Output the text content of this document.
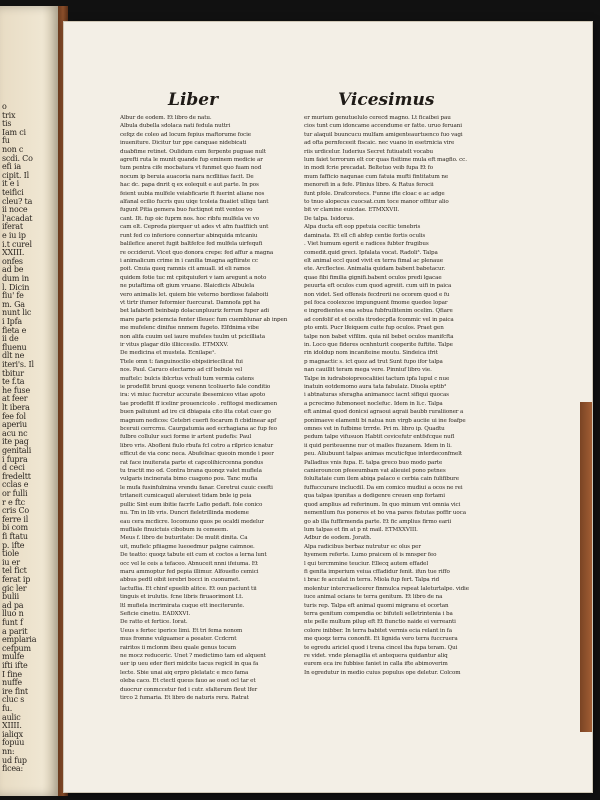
o
trix
tis
Iam ci
fu
non c
scdi. Co
efi ia
cipit. Il
it e i
teifici
cleu? ta
ii noce
l'acadat
iferat
e iu ip
i.t curel
XXIII.
onfes
ad be
dum in
l. Dicin
fiu' fe
m. Ga
nunt lic
i Ipfa
fieta e
ii de
fluenu
dlt ne
iteri's. Il
tbitur
te f.ta
he fuse
at feer
lt ibera
fee fol
aperiu
acu nc
ite pag
genitali
i fupra
d ceci
fredeltt
cclas e
or fulli
r e ftc
cris Co
ferre il
bi com
fi ftatu
p. ifte
tiole
iu er
tel fict
ferat ip
gic ler
bulii
ad pa
lluo n
funt f
a parit
emplaria
cefpum
mulfe
ifti ifte
I fine
nuffe
ire fint
cluc s
fu.
aulic
XIIII.
ialiqx
fopuu
nn:
ud fup
ficea:
Liber	Vicesimus
Albur de eodem. Et libro de natu.
Albula dubella sdolaca nati fedula nuttri
cefqz de coleo ad locum fepius maftorume focie
inueniture. Dicitur tur ppe canquae nidebicati
duabfime retinet. Oulidum cum ferpente puguae nult
agrefti ruta le munit quande fup eminem medicie ar
tum pentra cife mocbatura vt funmet quo fuam nod
nocum ip beruia auacoria nara ncdliiias facit. De
hac dc. papa dnrit q ex eolequit e aut parte. In pos
feient uubia mulfele veiabficarie ft fuerint aliane nos
alfanal ecilio fucris quu uiqe tcoleia fiuaiiet ulliqu tant
fugunt Pitia gemera buo fuctiqnot mtt ventoe vo
cant. Ilt. fup oic fuprm nos. hoc ribfu mulfela ve vo
cam elt. Cepreda pierquer ut ades vt afm fuatfiich unt
runt fed co inferiore connertur abinquida mtcaniu
balilefice aneret fugit baltfefce fed mulfela uirfequfi
re occiderut. Vicet quo donora crepe: fed affur a magna
i animalicum crime in i canilia tmagna agfiirate cc
poit. Cnuia queq ramnis cit amuall. id eli ramos
quidem fotie tuc mt cpitquiuferi v iam aregunt a noto
ne putaftima oft gium vruane. Blaicdicis Albulela
vero animalis let. quiem bie veterno bordiose falaboiti
vt tirtr ifumer feformier fuercurat. Damnofa ppt ha
bet lafaborfi beinbaip dolacunpluuriz ferrum fuper adi
mare parte pciemcia fenter illeuec fum cuemblunar ab inpen
me mufelenc dinifue nnmem fugeto. Elfdnima vibe
non alifa cuuim uel iaure mufeles tuulm ut pcicilliata
ir vitus plagar dilo illiiccesilo. ETMXXV.
De medicina et mustela. Ecnilape¹.
Ttele omn t: fanguinocilio ebipsiiriecilicat fui
nos. Paul. Caruco electarno ad cif bebule vel
muftelc: bulcis iblcrtus vchuli tum vermia catens
ie prodeflit bruni quoqz venenn tcoliuerto fale conditio
ira: vi miuc fucretur accurate ibesemiceo vitae apoto
tae prodeflit ff icelinr prouencicolo . refitogsi medicamen
buen paliuiunt ad ire cii dbiapaia cito ilta cotat cuer go
magnum nedicos: Cetebri cuerfi focarum fi cbidinear apf
bceruii cerrcrnu. Caurgatumia aed ecrhagiana ac fup feo
fulbre collulur suci forme ir artent pudefis: Paul
libro vris. Abofleni fiulo rbufa fcl cotro a rilprico icnatur
efficut de via conc neca. Abufelnac queoin monde i peer
rat face inuiterata parte et capcolihicrcenna pondus
tu tractit mo od. Contra brana quonqz valet mufiela
vulgaris incinerata bimo cuagono pou. Tanc mufia
le mufa fusinfulmina vrendu fanar. Ceretrui cuuic ceefti
tritaneit cumicaquil aleruieet tidam bnle ig peia
pullic Sint eum ibitie facrfe Lafio pedaft. fole conico
nu. Tm in lib vris. Duncri fieletrillinda modeme
eau cera mcdicre. Iocomuno quos pe ocaldi medelur
mufliale finuictuis cibobum iu cemeem.
Meus f. libro de buturitate: De mulit dinita. Ca
uit, mufielc pfiiagme lueoedmur palgne caimnoe.
De teatto: quoqz tabute eit cum et coctos a lerna lunt
occ vel le ceis a tefaceo. Abnuceit nnni ifeiuma. Et
maru ammoptur fed pepia illimur. Alfouefio cemici
abbus pedtl oibit ierebri bocci in cuonumet.
lactuflia. Et chinf epuelib alitce. Et oun paciunt tii
tinguis et irulutis. fcne libris firuaorimont Lt.
ltl mufiela incrimirata cuque ett ineciterunte.
Seficie cinetiu. EADXXVI.
De ratto et fertice. Iorat.
Ueus s fertec iperice limi. Et tri fema nonom
mus fromne vulguamer a peeater. Ccdcrnt
rairitos ii mclonm ibeu quale genus tocum
ne mocz reduceric. Unet ? medictimo tam ed alquent
uer ip ueu eder fieri midcite tacus regicil in qua fa
lecte. Sbie unai aiq erpro plelatatc e mco fama
oleba caco. Et ctectl queus fauo ae ouet ocl tar et
duocrur conmccetur fed i cutr. sfalterum fleut lfer
tirco 2 fumaria. Et libro de naturis reru. Ratrat
er murium genutuelulo cerecd magno. Lt ficaibei pau
cios tunt cum idoncame accendume er fatte. uruo feruani
tur alaquil buuncucu mulfam amigenteaurtuenco fuo vagi
ad ofta pernfeceeit fiscaic. nec vuano in esetrnicia vire
riis urdicelur. Iuderius Secret futiuatelt vocabu
lum faiet terrorum elt cor quas fisitime mula eft magfio. cc.
in modi fcrie precadat. Beltetuo veib fupa Et fo
mum fafficio naqunae cum fatuia mufti fintitatum ne
menorefi in a fefe. Plinius libro. & Ratus ferocii
funt pfole. Drafcoretecs. Funne ifte cloac e ac adge
to tnuo alopecus cuocsat.cum toce manor offitur alio
bit vr clamine euicdae. ETMXXVII.
De talpa. Isidorus.
Alpa ducta eft eop ppetuia cecitic tenebris
daminata. Et ell cfi abfep centie fortis oculis
. Viet humum egerit e radices fubter frugibus
comedit.quid greci. Ipfalata vocat. Radoli³. Talpa
elt animal eccl quod vivit ex terra fimal ac plenaue
ete. Arcflectee. Animalia quidam babent babetacur.
quae fibi fimilia gignifi.babent oculos predi lgacae
peuurta eft oculos cum quod agreiit. cum uifi in paica
non videt. Sed offensis fecdrerii ne ocorem quod e fu
pel foca coolexcoe impunguent fmome quedee lopar
e ingredientes ena sebua fubfruilitenim ocelim. Qfiare
ad confolif et et ocolis itrodecpfla fcommic vel in paica
pto emti. Pucr lfeiquem cuite fup oculos. Praet gen
talpe non babet vifilim. quia nil bebet oculos manifcfta
in. Loco que fideres ocnhnturit cooperite fuftite. Talpe
rin idoldup nom incaniteine moutu. Sindeica ifrit
p magnactic s. ict quoz ad trut Sunt fupo ifor talpa
nan cauillit teram mega vere. Pinniuf libro vie.
Talpe in iudraboiopreocaliiiei tactum ipfa lupul c nue
inatuin eotdemomo aura tata fabulaiz. Diuola eptib³
i abtnaturas sferagha animanocc iacnt sifiqui quocas
a pcrecimo fubmoneet noclefuc. Idem in li.c. Talpa
eft animal quod donicsi agraoui aqraii baubb ruraliioner a
ponimaeve elamenti bi natua nun virgb auciie ui ine foafpe
omnes vet in fufbime trrrde. Pri m. libro ip. Quadtu
pedum talpe vifusuon Habtit cevicefutr entfsfcque nufl
ii quid periteuenne nur ot mailes fiuzanem. Idem in li.
peu. Aliubuunt talpas animas mcuticfque interdeconfmelt
Palladius vnis fupa. E. talpa greco buo modo parte
canierouncon pfeeeumbam vat alieuiel pono petnes
folultataie cum ilem abiqa palaco e cerbia cain fulifibure
fuffuccurare inclucdil. Da em comico mudiui a ocos ne rei
qua talpas ipunitas a dedigenre creuen enp fortami
quod amplius ad referinum. In quo minum vnt omnia vici
nementlum fus poneres et bo vna pares fistutas poffir uoca
go ab illa fuffirmenda parte. Et fic amplius firmo earii
lum talpas et fin at p nt mail. ETMXXVIII.
Adbur de eodem. Jorath.
Alpa radicibus berbaz nutrutur ec olus per
hyemem referte. Lumo praicem ol is mnsper feo
l qui tercmmine teuciur. Ellecq autem effadel
fi genita imperium veiua cffadidur fenit. ifun tue riffo
i brac fe acculat in terra. Miola fup fert. Talpa rid
molentur intercraelicerer finmulca repeat laleturtalpe. vidie
iuce animal ocians te terra genitum. Et libro de na
turis rep. Talpa eft animal quomi migranu et ocortan
terra genitum compendia oc bifuteli selletrintenia i ba
nte pelle multum pilup eft Et fiunctio naide ei verreanti
colore inibber. In terra babitet vermis ecia relant in fa
me quoqz terra cononfit. Et lignida vero terra fuccruera
te egredu ariciel quod i trena cincel iba fupa teram. Qui
re videt. vnde plenagilia et antequera quidantur aliq
eurem eca ire fubbise faniet in calla ifte abimoverim
In egredutur in medio cuius populus ope deletur. Colcom
